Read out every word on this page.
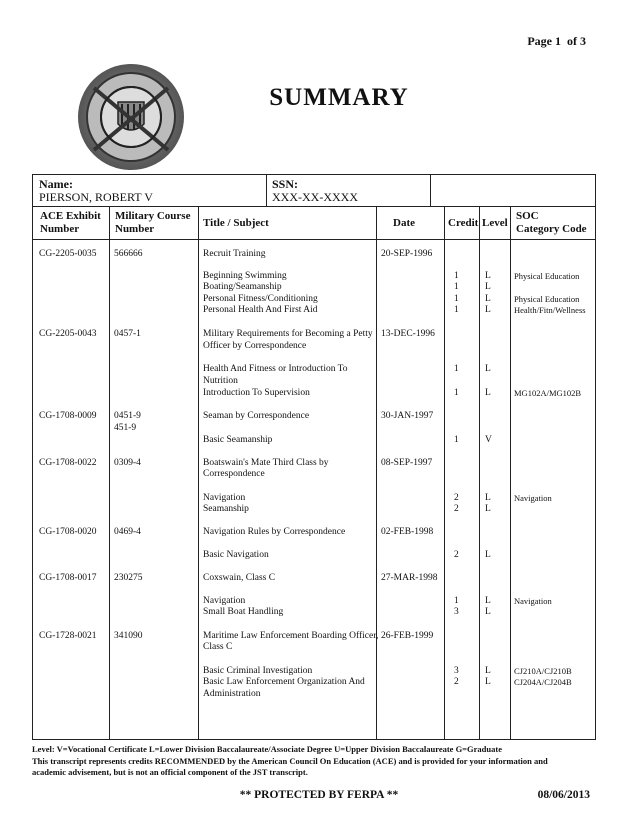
Page 1 of 3
SUMMARY
Name:
PIERSON, ROBERT V
SSN:
XXX-XX-XXXX
ACE Exhibit
Number
Military Course
Number	Title / Subject	Date	Credit Level
SOC
Category Code
CG-2205-0035 566666	Recruit Training	20-SEP-1996
Beginning Swimming	1	L	Physical Education
Boating/Seamanship	1	L
Personal Fitness/Conditioning	1	L	Physical Education
Personal Health And First Aid	1	L	Health/Fitn/Wellness
CG-2205-0043 0457-1	Military Requirements for Becoming a Petty 13-DEC-1996
Officer by Correspondence
Health And Fitness or Introduction To	1	L
Nutrition
Introduction To Supervision	1	L	MG102A/MG102B
CG-1708-0009 0451-9	Seaman by Correspondence	30-JAN-1997
451-9
Basic Seamanship	1	V
CG-1708-0022 0309-4	Boatswain's Mate Third Class by	08-SEP-1997
Correspondence
Navigation	2	L	Navigation
Seamanship	2	L
CG-1708-0020 0469-4	Navigation Rules by Correspondence	02-FEB-1998
Basic Navigation	2	L
CG-1708-0017 230275	Coxswain, Class C	27-MAR-1998
Navigation	1	L	Navigation
Small Boat Handling	3	L
CG-1728-0021 341090	Maritime Law Enforcement Boarding Officer, 26-FEB-1999
Class C
Basic Criminal Investigation	3	L	CJ210A/CJ210B
Basic Law Enforcement Organization And	2	L	CJ204A/CJ204B
Administration
Level: V=Vocational Certificate L=Lower Division Baccalaureate/Associate Degree U=Upper Division Baccalaureate G=Graduate
This transcript represents credits RECOMMENDED by the American Council On Education (ACE) and is provided for your information and
academic advisement, but is not an official component of the JST transcript.
** PROTECTED BY FERPA **	08/06/2013
